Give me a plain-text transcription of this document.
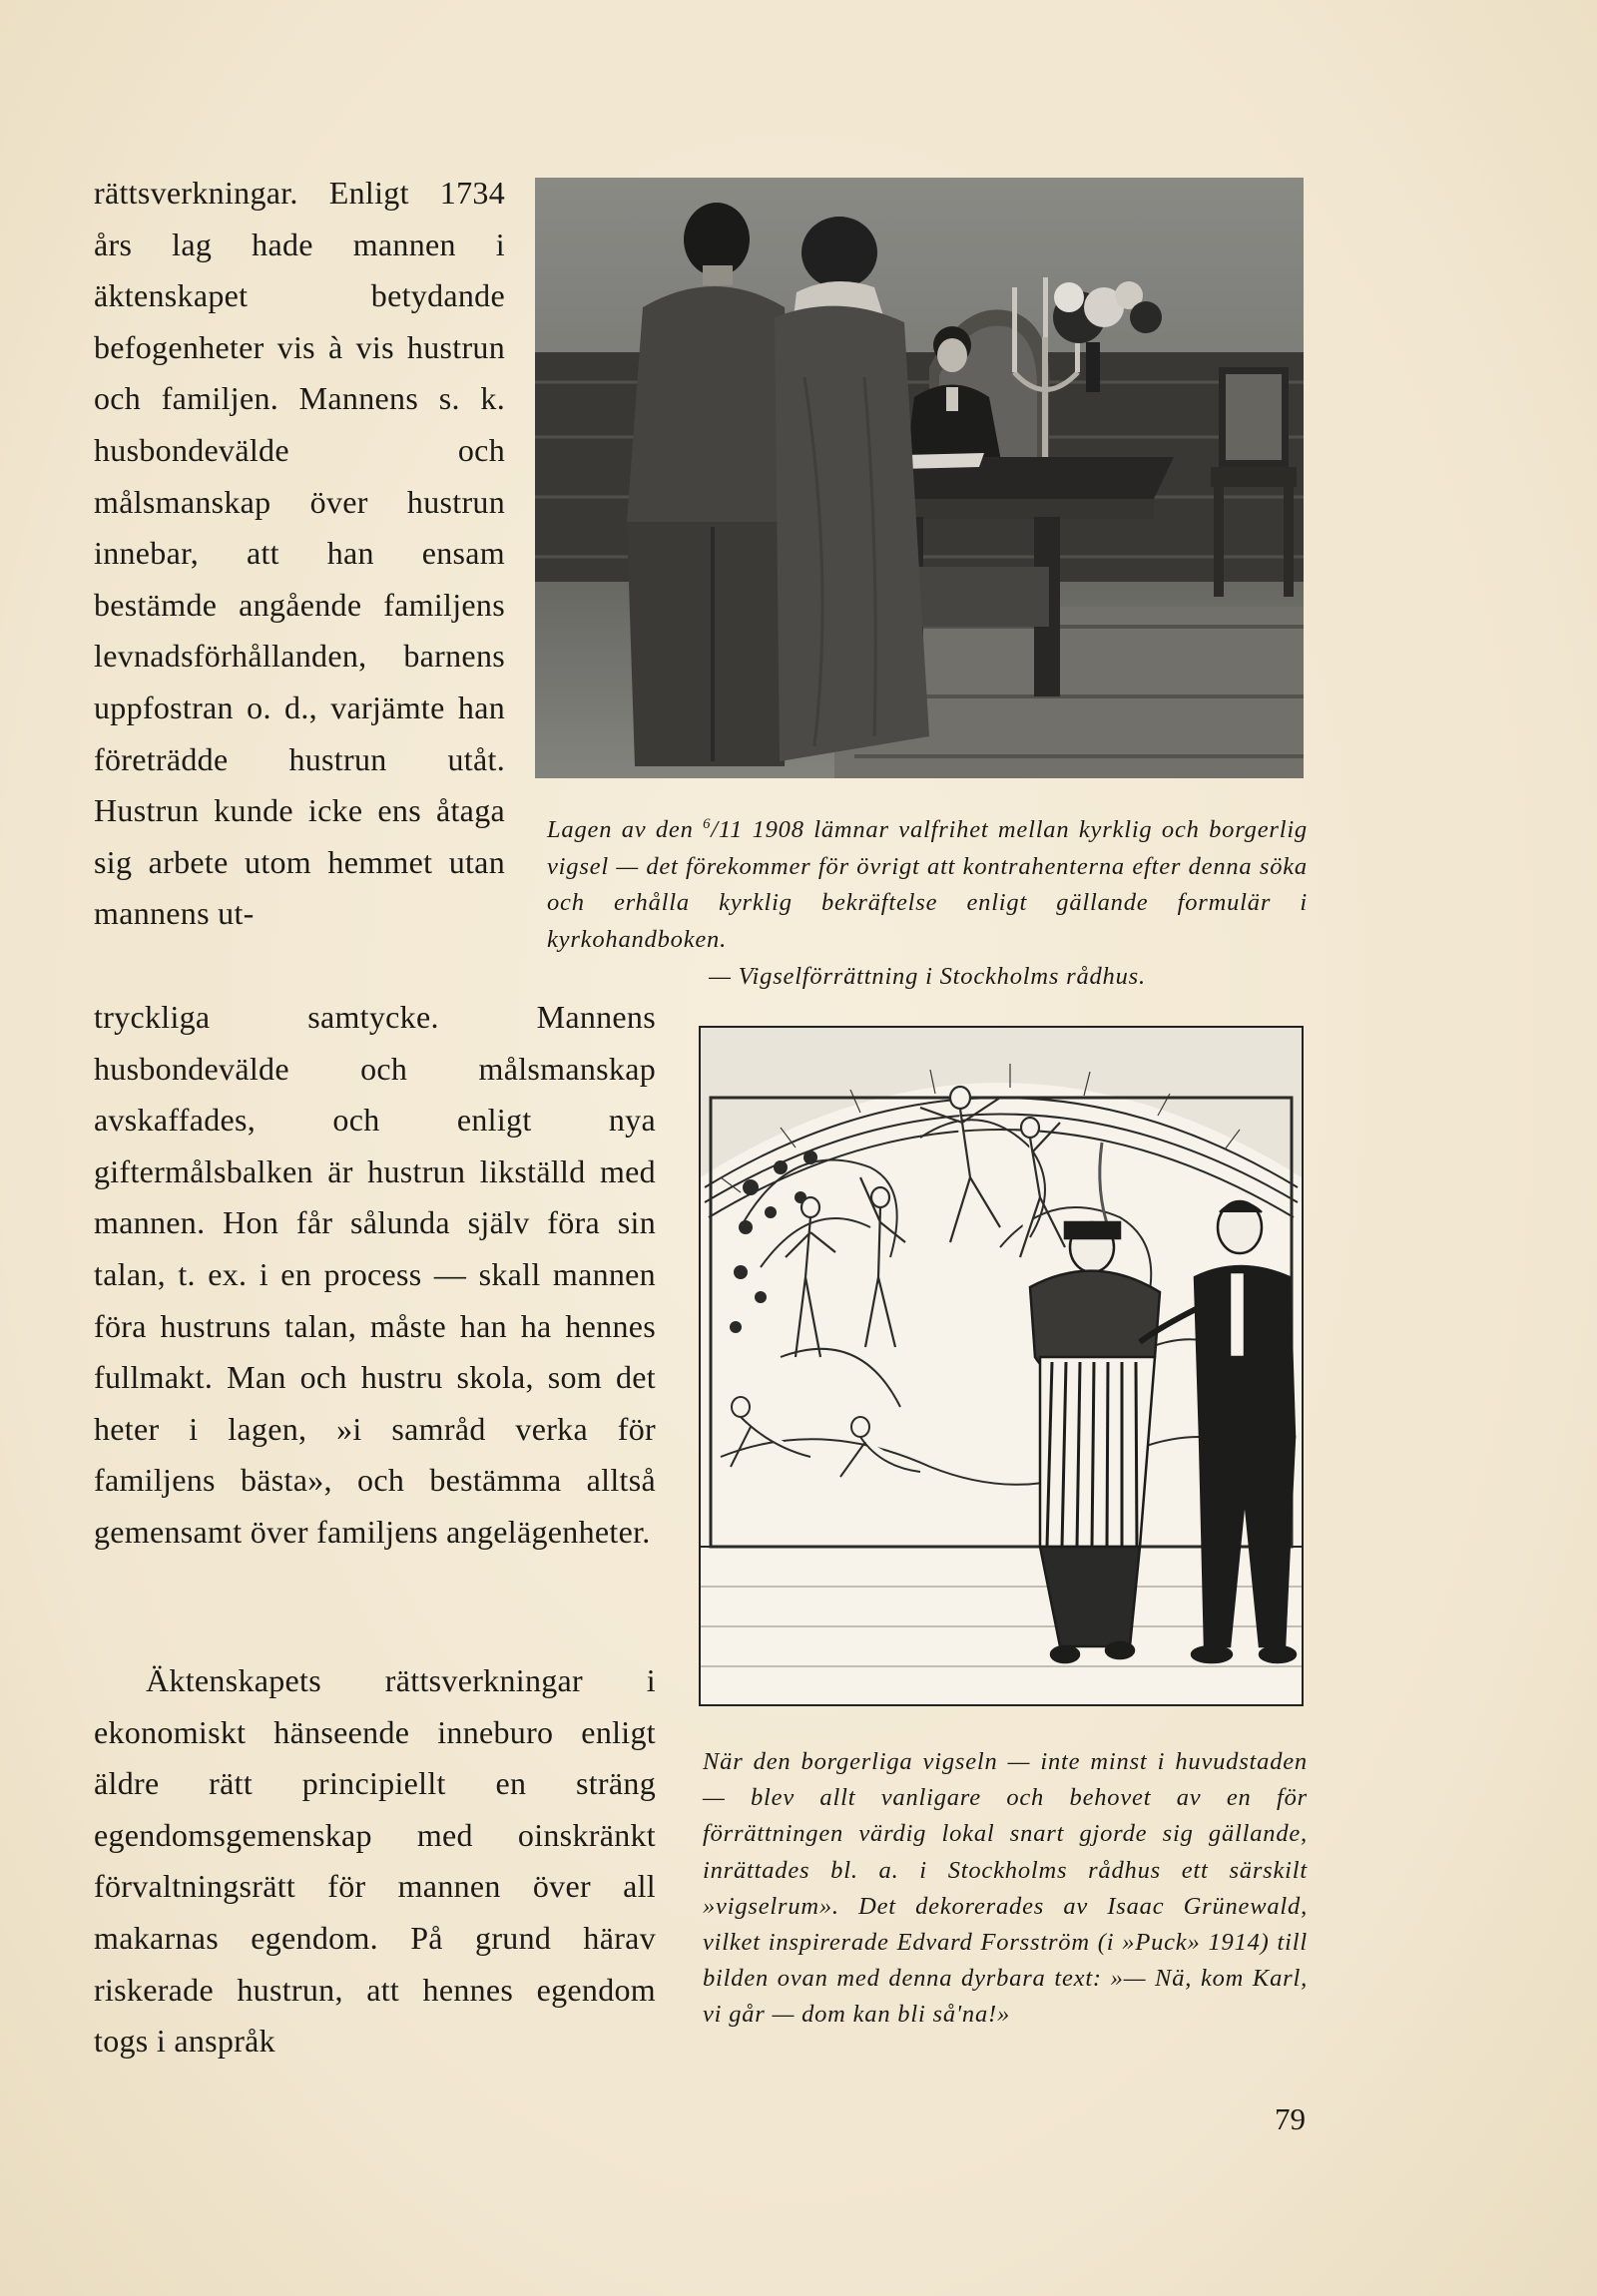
rättsverkningar. Enligt 1734 års lag hade mannen i äktenskapet betydande befogenheter vis à vis hustrun och familjen. Mannens s. k. husbondevälde och målsmanskap över hustrun innebar, att han ensam bestämde angående familjens levnadsförhållanden, barnens uppfostran o. d., varjämte han företrädde hustrun utåt. Hustrun kunde icke ens åtaga sig arbete utom hemmet utan mannens ut-

Lagen av den $^6$/11 1908 lämnar valfrihet mellan kyrklig och borgerlig vigsel — det förekommer för övrigt att kontrahenterna efter denna söka och erhålla kyrklig bekräftelse enligt gällande formulär i kyrkohandboken.
— Vigselförrättning i Stockholms rådhus.

tryckliga samtycke. Mannens husbondevälde och målsmanskap avskaffades, och enligt nya giftermålsbalken är hustrun likställd med mannen. Hon får sålunda själv föra sin talan, t. ex. i en process — skall mannen föra hustruns talan, måste han ha hennes fullmakt. Man och hustru skola, som det heter i lagen, »i samråd verka för familjens bästa», och bestämma alltså gemensamt över familjens angelägenheter.

Äktenskapets rättsverkningar i ekonomiskt hänseende inneburo enligt äldre rätt principiellt en sträng egendomsgemenskap med oinskränkt förvaltningsrätt för mannen över all makarnas egendom. På grund härav riskerade hustrun, att hennes egendom togs i anspråk

När den borgerliga vigseln — inte minst i huvudstaden — blev allt vanligare och behovet av en för förrättningen värdig lokal snart gjorde sig gällande, inrättades bl. a. i Stockholms rådhus ett särskilt »vigselrum». Det dekorerades av Isaac Grünewald, vilket inspirerade Edvard Forsström (i »Puck» 1914) till bilden ovan med denna dyrbara text: »— Nä, kom Karl, vi går — dom kan bli så'na!»

79
